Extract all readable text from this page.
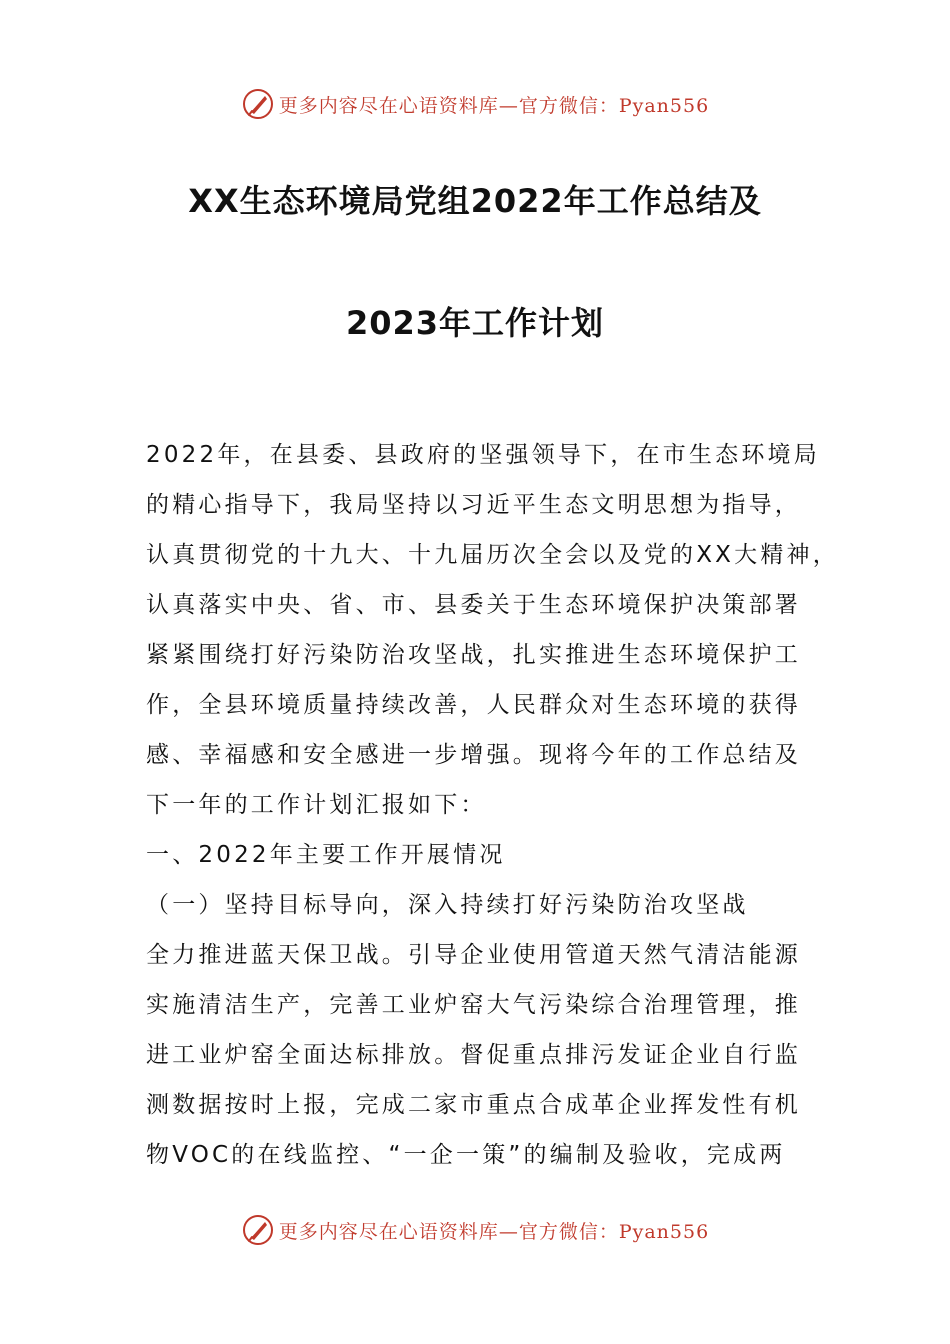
更多内容尽在心语资料库—官方微信：Pyan556
XX生态环境局党组2022年工作总结及
2023年工作计划
2022年，在县委、县政府的坚强领导下，在市生态环境局
的精心指导下，我局坚持以习近平生态文明思想为指导，
认真贯彻党的十九大、十九届历次全会以及党的XX大精神，
认真落实中央、省、市、县委关于生态环境保护决策部署
紧紧围绕打好污染防治攻坚战，扎实推进生态环境保护工
作，全县环境质量持续改善，人民群众对生态环境的获得
感、幸福感和安全感进一步增强。现将今年的工作总结及
下一年的工作计划汇报如下：
一、2022年主要工作开展情况
（一）坚持目标导向，深入持续打好污染防治攻坚战
全力推进蓝天保卫战。引导企业使用管道天然气清洁能源
实施清洁生产，完善工业炉窑大气污染综合治理管理，推
进工业炉窑全面达标排放。督促重点排污发证企业自行监
测数据按时上报，完成二家市重点合成革企业挥发性有机
物VOC的在线监控、“一企一策”的编制及验收，完成两
更多内容尽在心语资料库—官方微信：Pyan556
